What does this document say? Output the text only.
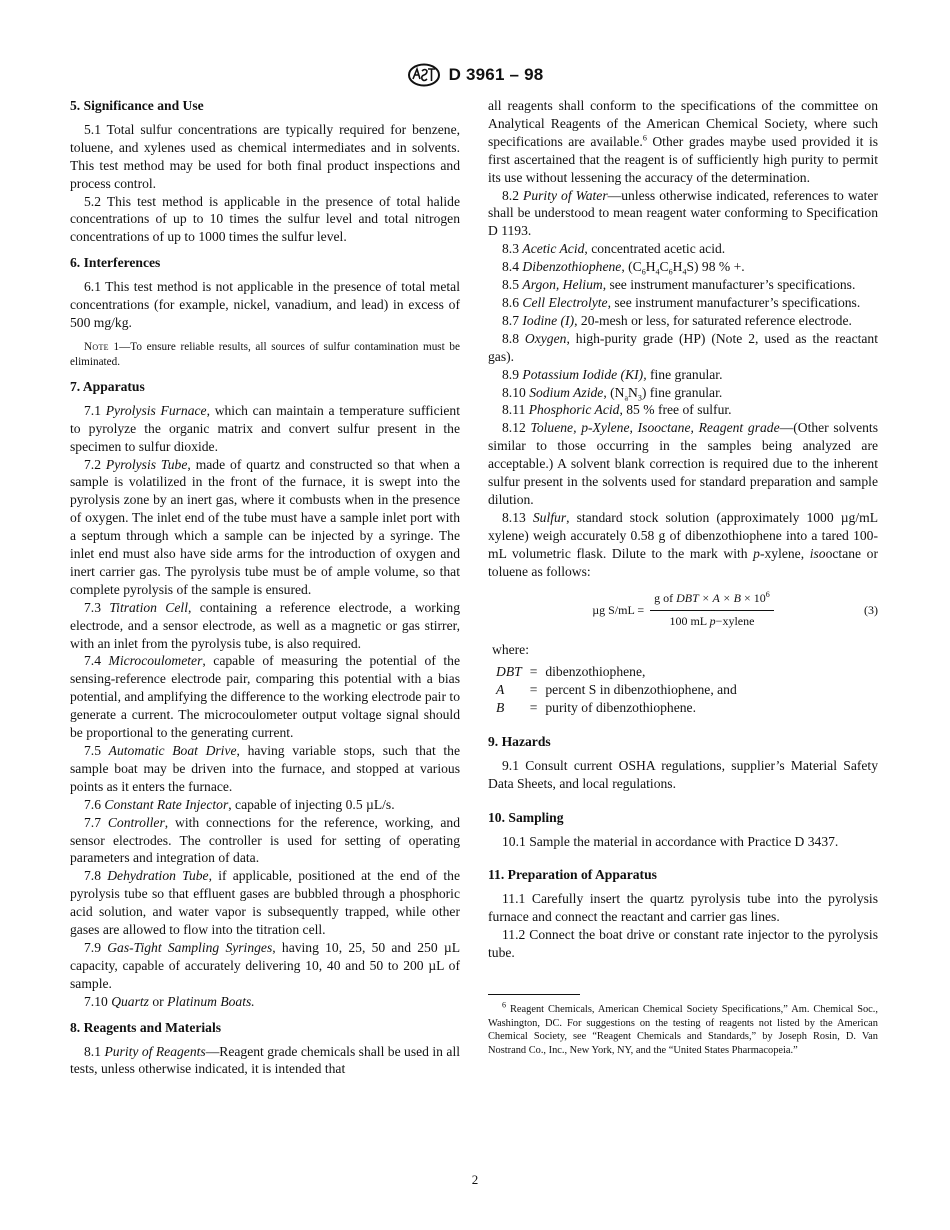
D 3961 – 98
5. Significance and Use

5.1 Total sulfur concentrations are typically required for benzene, toluene, and xylenes used as chemical intermediates and in solvents. This test method may be used for both final product inspections and process control.

5.2 This test method is applicable in the presence of total halide concentrations of up to 10 times the sulfur level and total nitrogen concentrations of up to 1000 times the sulfur level.

6. Interferences

6.1 This test method is not applicable in the presence of total metal concentrations (for example, nickel, vanadium, and lead) in excess of 500 mg/kg.

Note 1—To ensure reliable results, all sources of sulfur contamination must be eliminated.

7. Apparatus

7.1 Pyrolysis Furnace, which can maintain a temperature sufficient to pyrolyze the organic matrix and convert sulfur present in the specimen to sulfur dioxide.

7.2 Pyrolysis Tube, made of quartz and constructed so that when a sample is volatilized in the front of the furnace, it is swept into the pyrolysis zone by an inert gas, where it combusts when in the presence of oxygen. The inlet end of the tube must have a sample inlet port with a septum through which a sample can be injected by a syringe. The inlet end must also have side arms for the introduction of oxygen and inert carrier gas. The pyrolysis tube must be of ample volume, so that complete pyrolysis of the sample is ensured.

7.3 Titration Cell, containing a reference electrode, a working electrode, and a sensor electrode, as well as a magnetic or gas stirrer, with an inlet from the pyrolysis tube, is also required.

7.4 Microcoulometer, capable of measuring the potential of the sensing-reference electrode pair, comparing this potential with a bias potential, and amplifying the difference to the working electrode pair to generate a current. The microcoulometer output voltage signal should be proportional to the generating current.

7.5 Automatic Boat Drive, having variable stops, such that the sample boat may be driven into the furnace, and stopped at various points as it enters the furnace.

7.6 Constant Rate Injector, capable of injecting 0.5 µL/s.

7.7 Controller, with connections for the reference, working, and sensor electrodes. The controller is used for setting of operating parameters and integration of data.

7.8 Dehydration Tube, if applicable, positioned at the end of the pyrolysis tube so that effluent gases are bubbled through a phosphoric acid solution, and water vapor is subsequently trapped, while other gases are allowed to flow into the titration cell.

7.9 Gas-Tight Sampling Syringes, having 10, 25, 50 and 250 µL capacity, capable of accurately delivering 10, 40 and 50 to 200 µL of sample.

7.10 Quartz or Platinum Boats.

8. Reagents and Materials

8.1 Purity of Reagents—Reagent grade chemicals shall be used in all tests, unless otherwise indicated, it is intended that

all reagents shall conform to the specifications of the committee on Analytical Reagents of the American Chemical Society, where such specifications are available.$^6$ Other grades maybe used provided it is first ascertained that the reagent is of sufficiently high purity to permit its use without lessening the accuracy of the determination.

8.2 Purity of Water—unless otherwise indicated, references to water shall be understood to mean reagent water conforming to Specification D 1193.

8.3 Acetic Acid, concentrated acetic acid.

8.4 Dibenzothiophene, $(C_6H_4C_6H_4S)$ 98 % +.

8.5 Argon, Helium, see instrument manufacturer’s specifications.

8.6 Cell Electrolyte, see instrument manufacturer’s specifications.

8.7 Iodine (I), 20-mesh or less, for saturated reference electrode.

8.8 Oxygen, high-purity grade (HP) (Note 2, used as the reactant gas).

8.9 Potassium Iodide (KI), fine granular.

8.10 Sodium Azide, $(N_aN_3)$ fine granular.

8.11 Phosphoric Acid, 85 % free of sulfur.

8.12 Toluene, p-Xylene, Isooctane, Reagent grade—(Other solvents similar to those occurring in the samples being analyzed are acceptable.) A solvent blank correction is required due to the inherent sulfur present in the solvents used for standard preparation and sample dilution.

8.13 Sulfur, standard stock solution (approximately 1000 µg/mL xylene) weigh accurately 0.58 g of dibenzothiophene into a tared 100-mL volumetric flask. Dilute to the mark with p-xylene, isooctane or toluene as follows:

µg $S/mL = \frac{g of DBT \times A \times B \times 10^6}{\text{100 mL p−xylene}}$	(3)
where:
DBT	=	dibenzothiophene,
A	=	percent S in dibenzothiophene, and
B	=	purity of dibenzothiophene.
9. Hazards

9.1 Consult current OSHA regulations, supplier’s Material Safety Data Sheets, and local regulations.

10. Sampling

10.1 Sample the material in accordance with Practice D 3437.

11. Preparation of Apparatus

11.1 Carefully insert the quartz pyrolysis tube into the pyrolysis furnace and connect the reactant and carrier gas lines.

11.2 Connect the boat drive or constant rate injector to the pyrolysis tube.

$^6$ Reagent Chemicals, American Chemical Society Specifications,” Am. Chemical Soc., Washington, DC. For suggestions on the testing of reagents not listed by the American Chemical Society, see “Reagent Chemicals and Standards,” by Joseph Rosin, D. Van Nostrand Co., Inc., New York, NY, and the “United States Pharmacopeia.”

2
